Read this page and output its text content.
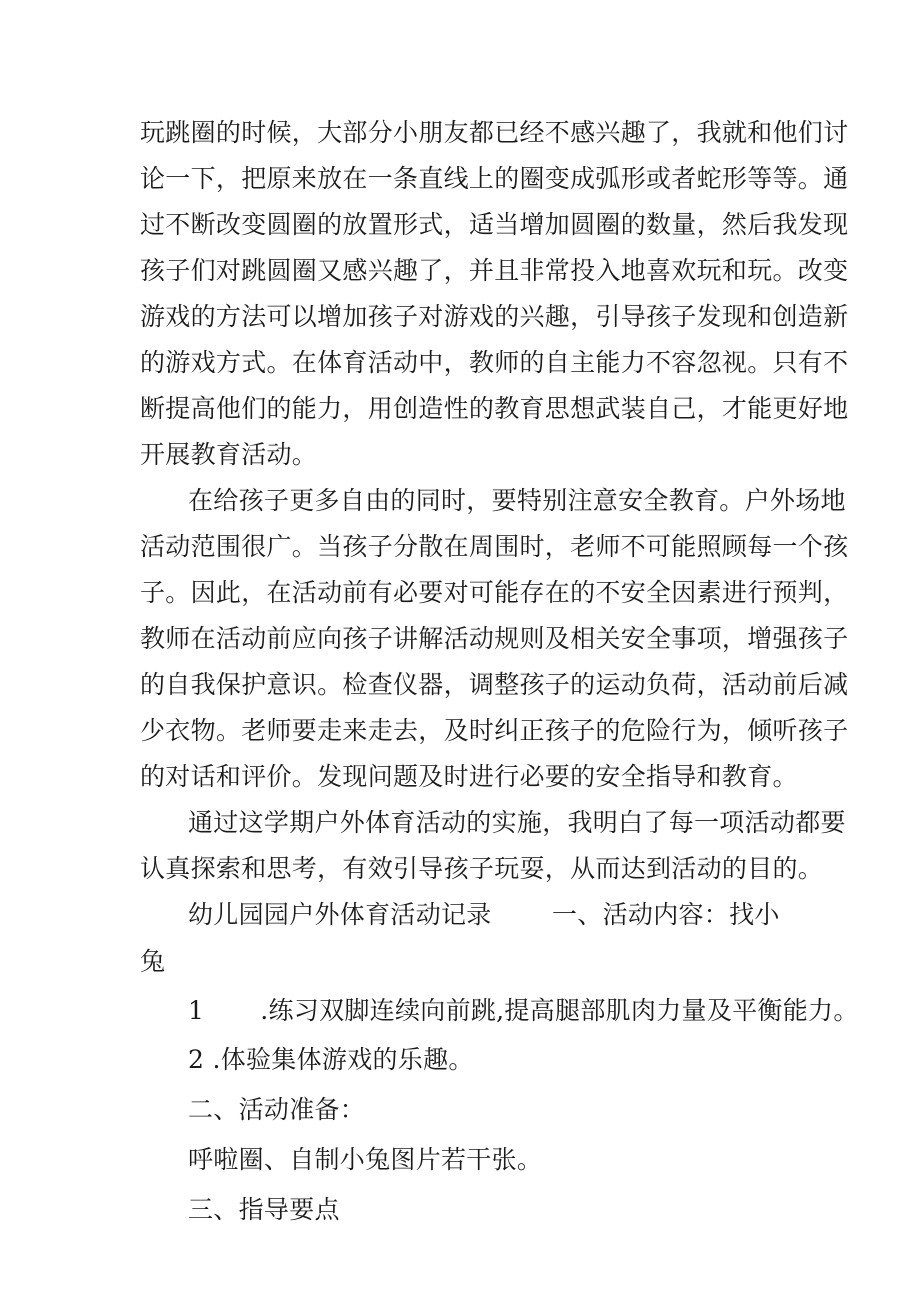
玩跳圈的时候，大部分小朋友都已经不感兴趣了，我就和他们讨
论一下，把原来放在一条直线上的圈变成弧形或者蛇形等等。通
过不断改变圆圈的放置形式，适当增加圆圈的数量，然后我发现
孩子们对跳圆圈又感兴趣了，并且非常投入地喜欢玩和玩。改变
游戏的方法可以增加孩子对游戏的兴趣，引导孩子发现和创造新
的游戏方式。在体育活动中，教师的自主能力不容忽视。只有不
断提高他们的能力，用创造性的教育思想武装自己，才能更好地
开展教育活动。
在给孩子更多自由的同时，要特别注意安全教育。户外场地
活动范围很广。当孩子分散在周围时，老师不可能照顾每一个孩
子。因此，在活动前有必要对可能存在的不安全因素进行预判，
教师在活动前应向孩子讲解活动规则及相关安全事项，增强孩子
的自我保护意识。检查仪器，调整孩子的运动负荷，活动前后减
少衣物。老师要走来走去，及时纠正孩子的危险行为，倾听孩子
的对话和评价。发现问题及时进行必要的安全指导和教育。
通过这学期户外体育活动的实施，我明白了每一项活动都要
认真探索和思考，有效引导孩子玩耍，从而达到活动的目的。
幼儿园园户外体育活动记录 一、活动内容：找小
兔
1 .练习双脚连续向前跳,提高腿部肌肉力量及平衡能力。
2 .体验集体游戏的乐趣。
二、活动准备：
呼啦圈、自制小兔图片若干张。
三、指导要点
